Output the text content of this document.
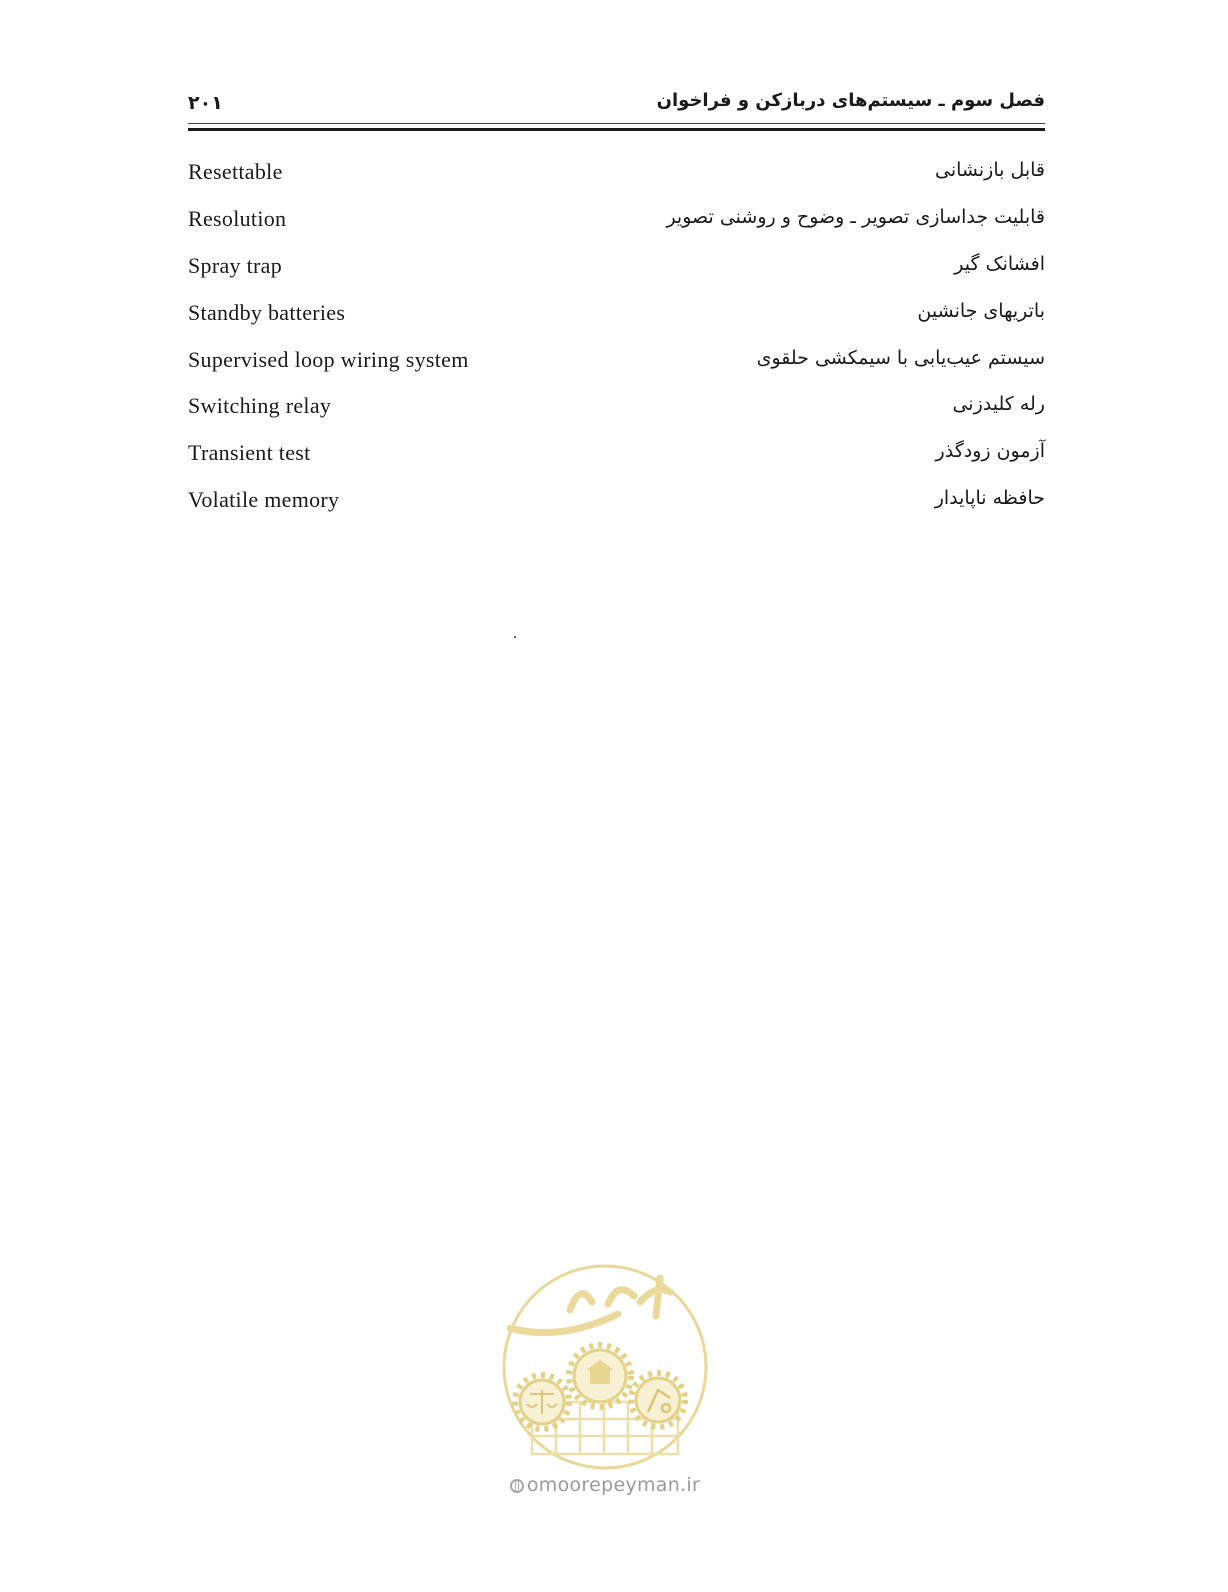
۲۰۱	فصل سوم ـ سیستم‌های دربازکن و فراخوان
Resettable	قابل بازنشانی
Resolution	قابلیت جداسازی تصویر ـ وضوح و روشنی تصویر
Spray trap	افشانک گیر
Standby batteries	باتریهای جانشین
Supervised loop wiring system	سیستم عیب‌یابی با سیمکشی حلقوی
Switching relay	رله کلیدزنی
Transient test	آزمون زودگذر
Volatile memory	حافظه ناپایدار
omoorepeyman.ir
